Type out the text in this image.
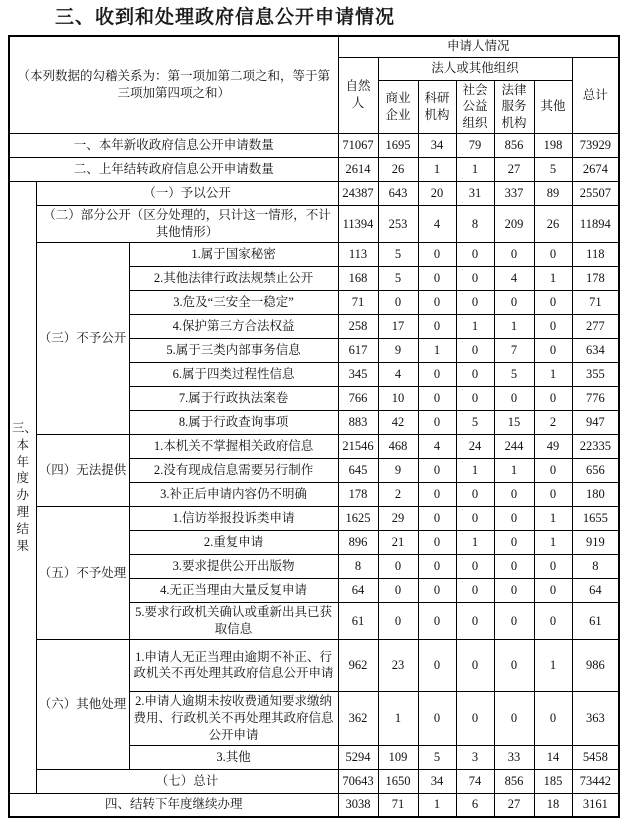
三、收到和处理政府信息公开申请情况
（本列数据的勾稽关系为：第一项加第二项之和，等于第三项加第四项之和）			申请人情况						
			自然人	法人或其他组织					总计
				商业企业	科研机构	社会公益组织	法律服务机构	其他	
一、本年新收政府信息公开申请数量			71067	1695	34	79	856	198	73929
二、上年结转政府信息公开申请数量			2614	26	1	1	27	5	2674
三、本年度办理结果	（一）予以公开		24387	643	20	31	337	89	25507
	（二）部分公开（区分处理的，只计这一情形，不计其他情形）		11394	253	4	8	209	26	11894
	（三）不予公开	1.属于国家秘密	113	5	0	0	0	0	118
		2.其他法律行政法规禁止公开	168	5	0	0	4	1	178
		3.危及“三安全一稳定”	71	0	0	0	0	0	71
		4.保护第三方合法权益	258	17	0	1	1	0	277
		5.属于三类内部事务信息	617	9	1	0	7	0	634
		6.属于四类过程性信息	345	4	0	0	5	1	355
		7.属于行政执法案卷	766	10	0	0	0	0	776
		8.属于行政查询事项	883	42	0	5	15	2	947
	（四）无法提供	1.本机关不掌握相关政府信息	21546	468	4	24	244	49	22335
		2.没有现成信息需要另行制作	645	9	0	1	1	0	656
		3.补正后申请内容仍不明确	178	2	0	0	0	0	180
	（五）不予处理	1.信访举报投诉类申请	1625	29	0	0	0	1	1655
		2.重复申请	896	21	0	1	0	1	919
		3.要求提供公开出版物	8	0	0	0	0	0	8
		4.无正当理由大量反复申请	64	0	0	0	0	0	64
		5.要求行政机关确认或重新出具已获取信息	61	0	0	0	0	0	61
	（六）其他处理	1.申请人无正当理由逾期不补正、行政机关不再处理其政府信息公开申请	962	23	0	0	0	1	986
		2.申请人逾期未按收费通知要求缴纳费用、行政机关不再处理其政府信息公开申请	362	1	0	0	0	0	363
		3.其他	5294	109	5	3	33	14	5458
	（七）总计		70643	1650	34	74	856	185	73442
四、结转下年度继续办理			3038	71	1	6	27	18	3161
